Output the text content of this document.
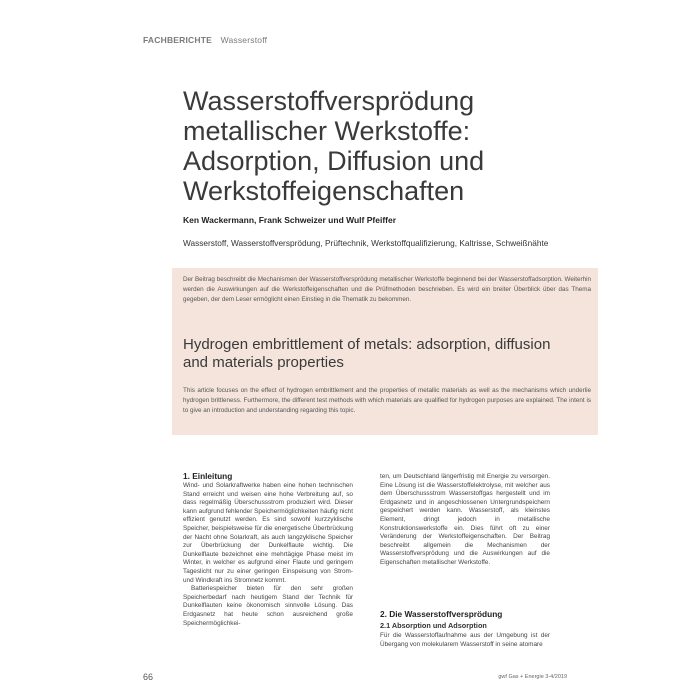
FACHBERICHTE Wasserstoff
Wasserstoffversprödung metallischer Werkstoffe: Adsorption, Diffusion und Werkstoffeigenschaften
Ken Wackermann, Frank Schweizer und Wulf Pfeiffer
Wasserstoff, Wasserstoffversprödung, Prüftechnik, Werkstoffqualifizierung, Kaltrisse, Schweißnähte
Der Beitrag beschreibt die Mechanismen der Wasserstoffversprödung metallischer Werkstoffe beginnend bei der Wasserstoffadsorption. Weiterhin werden die Auswirkungen auf die Werkstoffeigenschaften und die Prüfmethoden beschrieben. Es wird ein breiter Überblick über das Thema gegeben, der dem Leser ermöglicht einen Einstieg in die Thematik zu bekommen.
Hydrogen embrittlement of metals: adsorption, diffusion and materials properties
This article focuses on the effect of hydrogen embrittlement and the properties of metallic materials as well as the mechanisms which underlie hydrogen brittleness. Furthermore, the different test methods with which materials are qualified for hydrogen purposes are explained. The intent is to give an introduction and understanding regarding this topic.
1. Einleitung

Wind- und Solarkraftwerke haben eine hohen technischen Stand erreicht und weisen eine hohe Verbreitung auf, so dass regelmäßig Überschussstrom produziert wird. Dieser kann aufgrund fehlender Speichermöglichkeiten häufig nicht effizient genutzt werden. Es sind sowohl kurzzyklische Speicher, beispielsweise für die energetische Überbrückung der Nacht ohne Solarkraft, als auch langzyklische Speicher zur Überbrückung der Dunkelflaute wichtig. Die Dunkelflaute bezeichnet eine mehrtägige Phase meist im Winter, in welcher es aufgrund einer Flaute und geringem Tageslicht nur zu einer geringen Einspeisung von Strom- und Windkraft ins Stromnetz kommt.

Batteriespeicher bieten für den sehr großen Speicherbedarf nach heutigem Stand der Technik für Dunkelflauten keine ökonomisch sinnvolle Lösung. Das Erdgasnetz hat heute schon ausreichend große Speichermöglichkei-

ten, um Deutschland längerfristig mit Energie zu versorgen. Eine Lösung ist die Wasserstoffelektrolyse, mit welcher aus dem Überschussstrom Wasserstoffgas hergestellt und im Erdgasnetz und in angeschlossenen Untergrundspeichern gespeichert werden kann. Wasserstoff, als kleinstes Element, dringt jedoch in metallische Konstruktionswerkstoffe ein. Dies führt oft zu einer Veränderung der Werkstoffeigenschaften. Der Beitrag beschreibt allgemein die Mechanismen der Wasserstoffversprödung und die Auswirkungen auf die Eigenschaften metallischer Werkstoffe.

2. Die Wasserstoffversprödung
2.1 Absorption und Adsorption

Für die Wasserstoffaufnahme aus der Umgebung ist der Übergang von molekularem Wasserstoff in seine atomare

66	gwf Gas + Energie 3-4/2019
